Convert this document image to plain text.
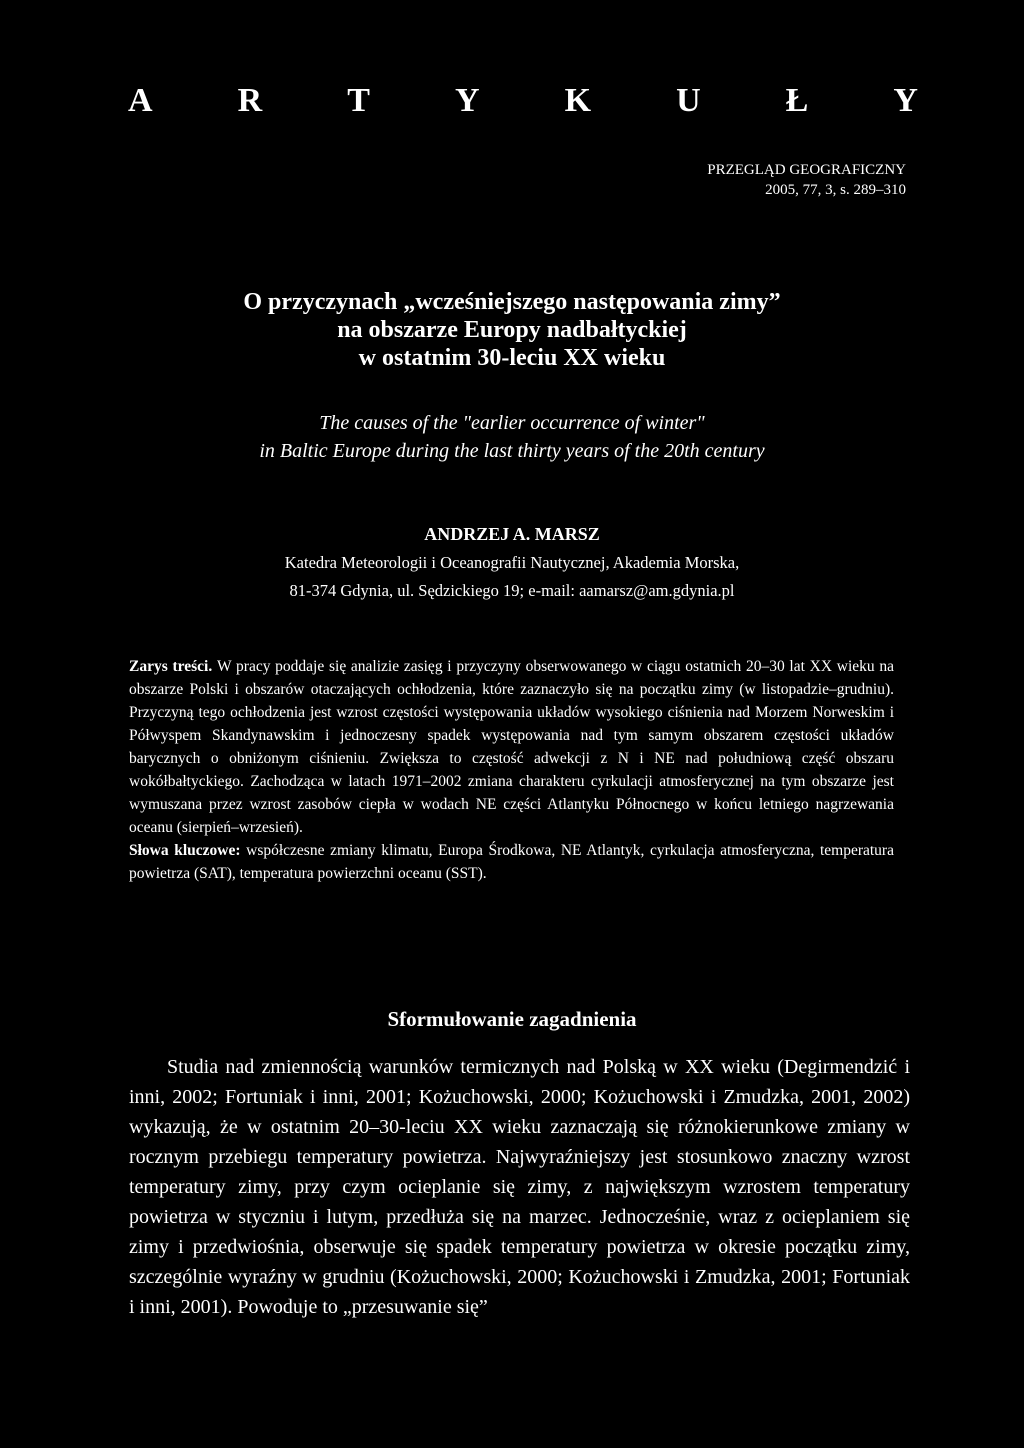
A	R	T	Y	K	U	Ł	Y
PRZEGLĄD GEOGRAFICZNY
2005, 77, 3, s. 289–310
O przyczynach „wcześniejszego następowania zimy”
na obszarze Europy nadbałtyckiej
w ostatnim 30-leciu XX wieku
The causes of the "earlier occurrence of winter"
in Baltic Europe during the last thirty years of the 20th century
ANDRZEJ A. MARSZ
Katedra Meteorologii i Oceanografii Nautycznej, Akademia Morska,
81-374 Gdynia, ul. Sędzickiego 19; e-mail: aamarsz@am.gdynia.pl
Zarys treści. W pracy poddaje się analizie zasięg i przyczyny obserwowanego w ciągu ostatnich 20–30 lat XX wieku na obszarze Polski i obszarów otaczających ochłodzenia, które zaznaczyło się na początku zimy (w listopadzie–grudniu). Przyczyną tego ochłodzenia jest wzrost częstości występowania układów wysokiego ciśnienia nad Morzem Norweskim i Półwyspem Skandynawskim i jednoczesny spadek występowania nad tym samym obszarem częstości układów barycznych o obniżonym ciśnieniu. Zwiększa to częstość adwekcji z N i NE nad południową część obszaru wokółbałtyckiego. Zachodząca w latach 1971–2002 zmiana charakteru cyrkulacji atmosferycznej na tym obszarze jest wymuszana przez wzrost zasobów ciepła w wodach NE części Atlantyku Północnego w końcu letniego nagrzewania oceanu (sierpień–wrzesień).
Słowa kluczowe: współczesne zmiany klimatu, Europa Środkowa, NE Atlantyk, cyrkulacja atmosferyczna, temperatura powietrza (SAT), temperatura powierzchni oceanu (SST).
Sformułowanie zagadnienia

Studia nad zmiennością warunków termicznych nad Polską w XX wieku (Degirmendzić i inni, 2002; Fortuniak i inni, 2001; Kożuchowski, 2000; Kożuchowski i Zmudzka, 2001, 2002) wykazują, że w ostatnim 20–30-leciu XX wieku zaznaczają się różnokierunkowe zmiany w rocznym przebiegu temperatury powietrza. Najwyraźniejszy jest stosunkowo znaczny wzrost temperatury zimy, przy czym ocieplanie się zimy, z największym wzrostem temperatury powietrza w styczniu i lutym, przedłuża się na marzec. Jednocześnie, wraz z ocieplaniem się zimy i przedwiośnia, obserwuje się spadek temperatury powietrza w okresie początku zimy, szczególnie wyraźny w grudniu (Kożuchowski, 2000; Kożuchowski i Zmudzka, 2001; Fortuniak i inni, 2001). Powoduje to „przesuwanie się”
